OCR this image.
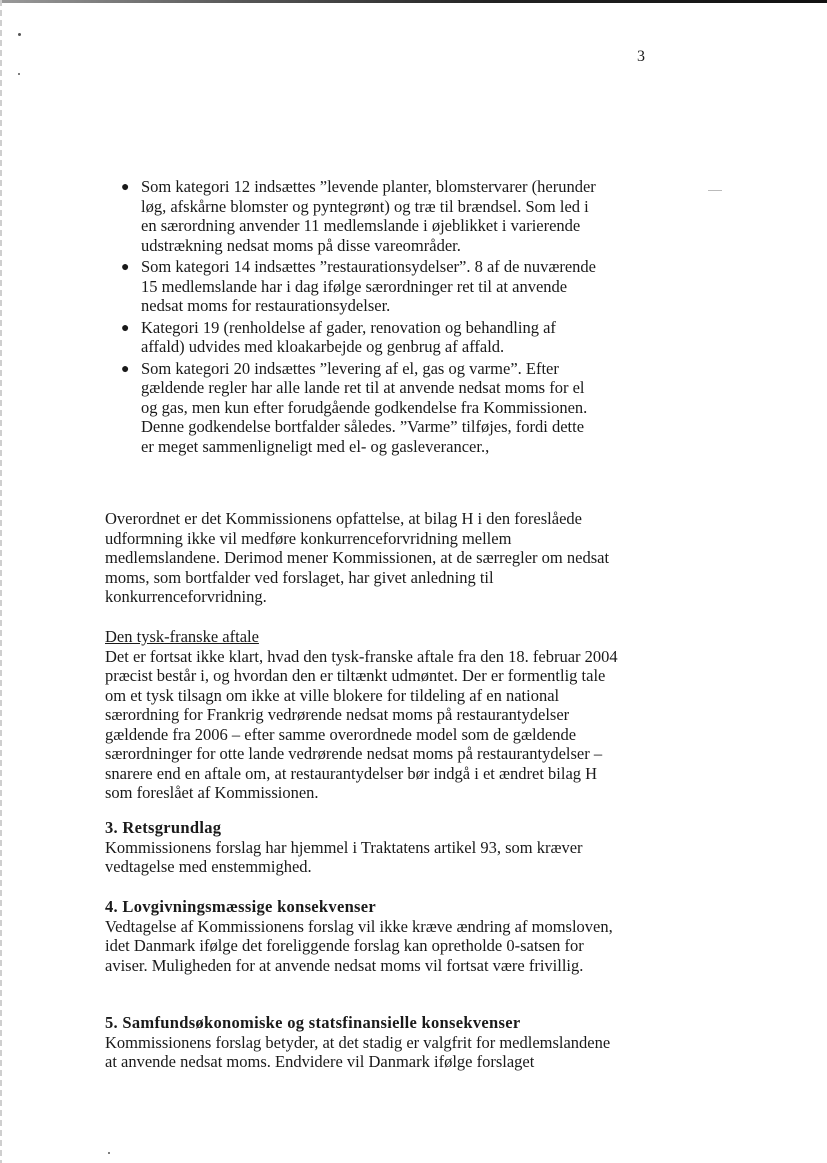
3
● Som kategori 12 indsættes ”levende planter, blomstervarer (herunder løg, afskårne blomster og pyntegrønt) og træ til brændsel. Som led i en særordning anvender 11 medlemslande i øjeblikket i varierende udstrækning nedsat moms på disse vareområder.
● Som kategori 14 indsættes ”restaurationsydelser”. 8 af de nuværende 15 medlemslande har i dag ifølge særordninger ret til at anvende nedsat moms for restaurationsydelser.
● Kategori 19 (renholdelse af gader, renovation og behandling af affald) udvides med kloakarbejde og genbrug af affald.
● Som kategori 20 indsættes ”levering af el, gas og varme”. Efter gældende regler har alle lande ret til at anvende nedsat moms for el og gas, men kun efter forudgående godkendelse fra Kommissionen. Denne godkendelse bortfalder således. ”Varme” tilføjes, fordi dette er meget sammenligneligt med el- og gasleverancer.,

Overordnet er det Kommissionens opfattelse, at bilag H i den foreslåede udformning ikke vil medføre konkurrenceforvridning mellem medlemslandene. Derimod mener Kommissionen, at de særregler om nedsat moms, som bortfalder ved forslaget, har givet anledning til konkurrenceforvridning.

Den tysk-franske aftale

Det er fortsat ikke klart, hvad den tysk-franske aftale fra den 18. februar 2004 præcist består i, og hvordan den er tiltænkt udmøntet. Der er formentlig tale om et tysk tilsagn om ikke at ville blokere for tildeling af en national særordning for Frankrig vedrørende nedsat moms på restaurantydelser gældende fra 2006 – efter samme overordnede model som de gældende særordninger for otte lande vedrørende nedsat moms på restaurantydelser – snarere end en aftale om, at restaurantydelser bør indgå i et ændret bilag H som foreslået af Kommissionen.

3. Retsgrundlag

Kommissionens forslag har hjemmel i Traktatens artikel 93, som kræver vedtagelse med enstemmighed.

4. Lovgivningsmæssige konsekvenser

Vedtagelse af Kommissionens forslag vil ikke kræve ændring af momsloven, idet Danmark ifølge det foreliggende forslag kan opretholde 0-satsen for aviser. Muligheden for at anvende nedsat moms vil fortsat være frivillig.

5. Samfundsøkonomiske og statsfinansielle konsekvenser

Kommissionens forslag betyder, at det stadig er valgfrit for medlemslandene at anvende nedsat moms. Endvidere vil Danmark ifølge forslaget
